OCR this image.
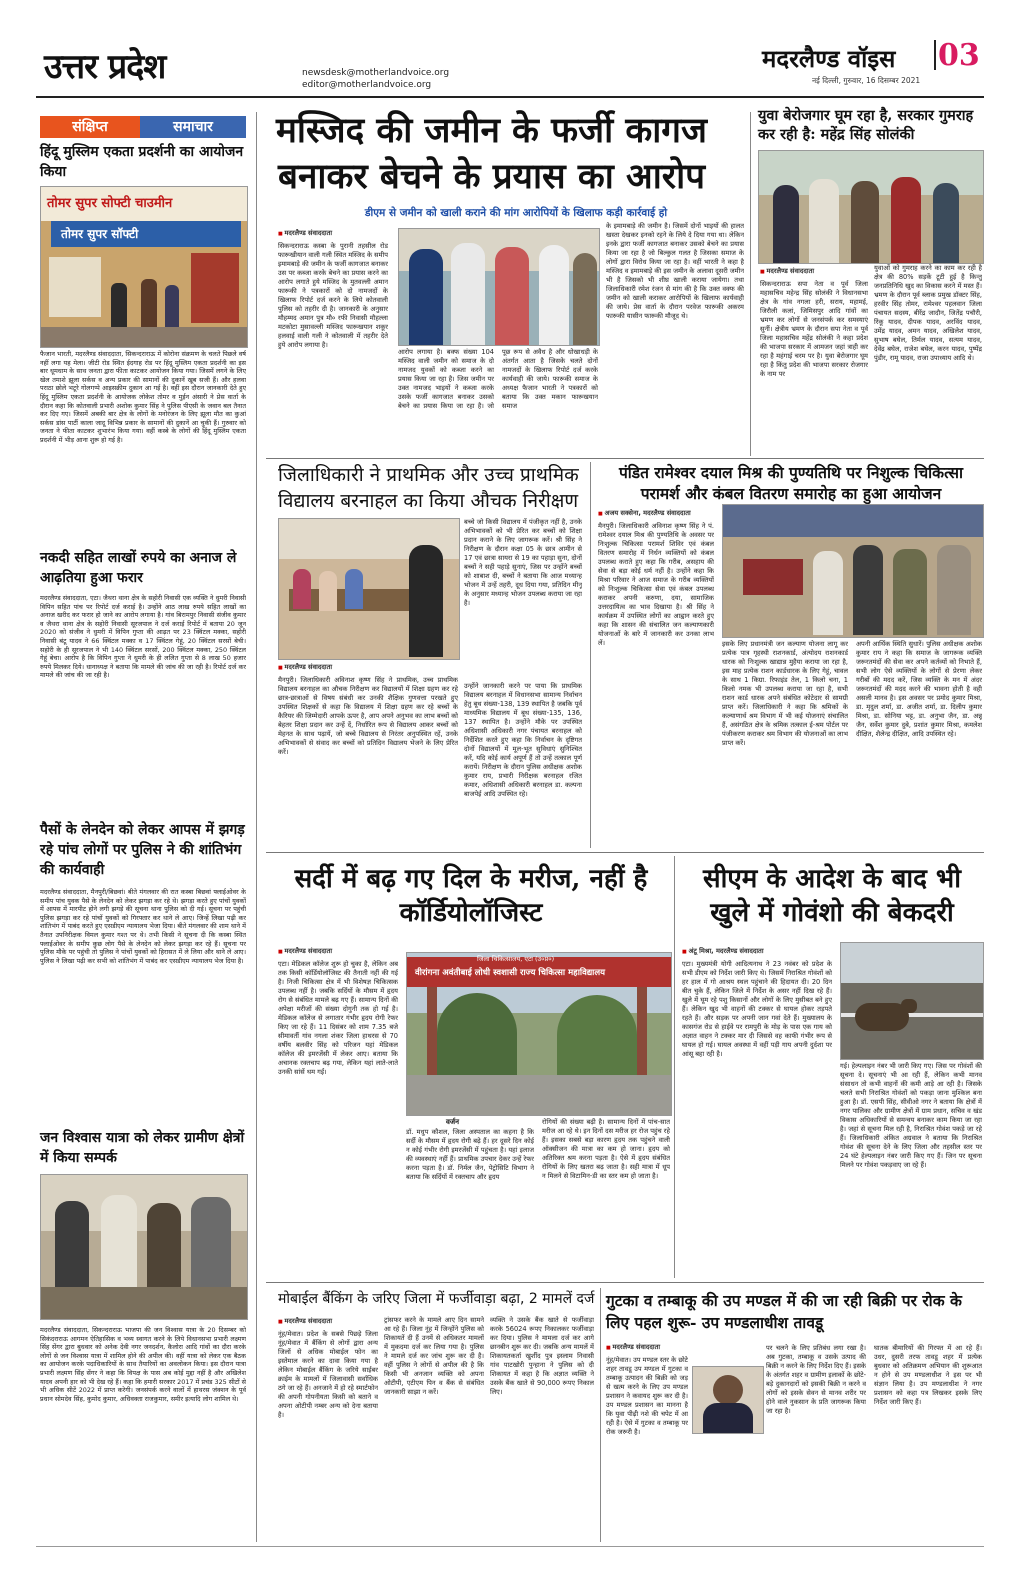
उत्तर प्रदेश	newsdesk@motherlandvoice.org
editor@motherlandvoice.org
मदरलैण्ड वॉइस 03
नई दिल्ली, गुरुवार, 16 दिसम्बर 2021
संक्षिप्त	समाचार
हिंदू मुस्लिम एकता प्रदर्शनी का आयोजन किया
तोमर सुपर सोफ्टी चाउमीन
तोमर सुपर सॉफ्टी
फैजान भारती, मदरलैण्ड संवाददाता, सिकन्दराराऊ में कोरोना संक्रमण के चलते पिछले वर्ष नहीं लगा यह मेला। जीटी रोड स्थित ईदगाह रोड पर हिंदू मुस्लिम एकता प्रदर्शनी का इस बार धूमधाम के साथ जनता द्वारा फीता काटकर आयोजन किया गया। जिसमें लगने के लिए खेल तमाशे झूला सर्कस व अन्य प्रकार की सामानों की दुकानें खूब सजी हैं। और हलवा पराठा छोले भटूरे गोलगप्पे आइसक्रीम दुकान आ गई है। वहीं इस दौरान जानकारी देते हुए हिंदू मुस्लिम एकता प्रदर्शनी के आयोजक लोकेश तोमर व मुईन अंसारी ने प्रेस वार्ता के दौरान कहा कि कोतवाली प्रभारी अशोक कुमार सिंह ने पुलिस पीएसी के जवान बल तैनात कर दिए गए। जिसमें अबकी बार क्षेत्र के लोगों के मनोरंजन के लिए झूला मौत का कुआं सर्कस डांस पार्टी काला जादू विभिन्न प्रकार के सामानों की दुकानें आ चुकी हैं। गुरुवार को जनता ने फीता काटकर शुभारंभ किया गया। वहीं कस्बे के लोगों की हिंदू मुस्लिम एकता प्रदर्शनी में भीड़ आना शुरू हो गई है।
नकदी सहित लाखों रुपये का अनाज ले आढ़तिया हुआ फरार
मदरलैण्ड संवाददाता, एटा। जैथरा थाना क्षेत्र के सहोरी निवासी एक व्यक्ति ने धुमरी निवासी विपिन सहित पांच पर रिपोर्ट दर्ज कराई है। उन्होंने आठ लाख रुपये सहित लाखों का अनाज खरीद कर फरार हो जाने का आरोप लगाया है। गांव बिरामपुर निवासी संजीव कुमार व जैथरा थाना क्षेत्र के सहोरी निवासी सूरजपाल ने दर्ज कराई रिपोर्ट में बताया 20 जून 2020 को संजीव ने धुमरी में विपिन गुप्ता की आढ़त पर 23 क्विंटल मक्का, सहोरी निवासी बंटू यादव ने 66 क्विंटल मक्का व 17 क्विंटल गेहूं, 20 क्विंटल सरसों बेची। सहोरी के ही सूरजपाल ने भी 140 क्विंटल सरसों, 200 क्विंटल मक्का, 250 क्विंटल गेहूं बेचा। आरोप है कि विपिन गुप्ता ने धुमरी के ही ललित गुप्ता से 8 लाख 50 हजार रुपये मिलकर दिये। धानाध्यक्ष ने बताया कि मामले की जांच की जा रही है। रिपोर्ट दर्ज कर मामले की जांच की जा रही है।
पैसों के लेनदेन को लेकर आपस में झगड़ रहे पांच लोगों पर पुलिस ने की शांतिभंग की कार्यवाही
मदरलैण्ड संवाददाता, मैनपुरी/बिछवां। बीते मंगलवार की रात कस्बा बिछवां फ्लाईओवर के समीप पांच युवक पैसे के लेनदेन को लेकर झगड़ा कर रहे थे। झगड़ा करते हुए पांचों युवकों में आपस में मारपीट होने लगी झगड़े की सूचना थाना पुलिस को दी गई। सूचना पर पहुंची पुलिस झगड़ा कर रहे पांचों युवकों को गिरफ्तार कर थाने ले आए। जिन्हें लिखा पढ़ी कर शांतिभंग में पाबंद करते हुए एसडीएम न्यायालय भेजा दिया। बीते मंगलवार की शाम थाने में तैनात उपनिरीक्षक विमल कुमार गश्त पर थे। तभी किसी ने सूचना दी कि कस्बा स्थित फ्लाईओवर के समीप कुछ लोग पैसे के लेनदेन को लेकर झगड़ा कर रहे हैं। सूचना पर पुलिस मौके पर पहुंची तो पुलिस ने पांचों युवकों को हिरासत में ले लिया और थाने ले आए। पुलिस ने लिखा पढ़ी कर सभी को शांतिभंग में पाबंद कर एसडीएम न्यायालय भेज दिया है।
जन विश्वास यात्रा को लेकर ग्रामीण क्षेत्रों में किया सम्पर्क
मदरलैण्ड संवाददाता, सिकन्दराराऊ भाजपा की जन विश्वास यात्रा के 20 दिसम्बर को सिकंदराराऊ आगमन ऐतिहासिक व भव्य स्वागत करने के लिये विधानसभा प्रभारी लक्ष्मण सिंह सेंगर द्वारा बुधवार को अनेक देवी नगर जनदर्शन, कैलोरा आदि गांवों का दौरा करके लोगों से जन विश्वास यात्रा में शामिल होने की अपील की। वहीं यात्रा को लेकर एक बैठक का आयोजन करके पदाधिकारियों के साथ तैयारियों का अवलोकन किया। इस दौरान यात्रा प्रभारी लक्ष्मण सिंह सेंगर ने कहा कि विपक्ष के पास अब कोई मुद्दा नहीं है और अखिलेश यादव अपनी हार को भी देख रहे हैं। कहा कि हमारी सरकार 2017 में प्रचंड 325 सीटों से भी अधिक सीटें 2022 में प्राप्त करेगी। जनसंपर्क करने वालों में हाथरस जंक्शन के पूर्व प्रधान सोमदेव सिंह, कुमोद कुमार, अधिवक्ता राजकुमार, समीर इत्यादि लोग शामिल थे।
मस्जिद की जमीन के फर्जी कागज
बनाकर बेचने के प्रयास का आरोप
डीएम से जमीन को खाली कराने की मांग आरोपियों के खिलाफ कड़ी कार्रवाई हो
■ मदरलैण्ड संवाददाता
सिकन्दराराऊ कस्बा के पुरानी तहसील रोड फारूखीयान वाली गली स्थित मस्जिद के समीप इमामबाड़े की जमीन के फर्जी कागजात बनाकर उस पर कब्जा करके बेचने का प्रयास करने का आरोप लगाते हुये मस्जिद के मुतवल्ली अमान फारूकी ने पत्रकारों को दो नामजदों के खिलाफ रिपोर्ट दर्ज करने के लिये कोतवाली पुलिस को तहरीर दी है। जानकारी के अनुसार मौहम्मद अमान पुत्र मौ० रफी निवासी मौहल्ला मटकोटा मुसावल्ली मस्जिद फारूखयान शकूर हलवाई वाली गली ने कोतवाली में तहरीर देते हुये आरोप लगाया है।
आरोप लगाया है। बक्फ संख्या 104 मस्जिद वाली जमीन को समाज के दो नामजद युवकों को कब्जा करने का प्रयास किया जा रहा है। जिस जमीन पर उक्त नामजद भाइयों ने कब्जा करके उसके फर्जी कागजात बनाकर उसको बेचने का प्रयास किया जा रहा है। जो पूछ रूप से अवैध है और धोखाधड़ी के अंतर्गत आता है जिसके चलते दोनों नामजदों के खिलाफ रिपोर्ट दर्ज करके कार्यवाही की जाये। फारूकी समाज के अध्यक्ष फैजान भारती ने पत्रकारों को बताया कि उक्त मकान फारूखयान समाज
के इमामबाड़े की जमीन है। जिसमें दोनों भाइयों की हालत खस्ता देखकर इनको रहने के लिये दे दिया गया था। लेकिन इनके द्वारा फर्जी कागजात बनाकर उसको बेचने का प्रयास किया जा रहा है जो बिल्कुल गलत है जिसका समाज के लोगों द्वारा विरोध किया जा रहा है। वहीं भारती ने कहा है मस्जिद व इमामबाड़े की इस जमीन के अलावा दूसरी जमीन भी है जिसको भी शीघ्र खाली कराया जायेगा। तथा जिलाधिकारी रमेश रंजन से मांग की है कि उक्त वक्फ की जमीन को खाली कराकर आरोपियों के खिलाफ कार्यवाही की जाये। प्रेस वार्ता के दौरान परवेज फारूकी अकरम फारूकी यासीन फारूकी मौजूद थे।
युवा बेरोजगार घूम रहा है, सरकार गुमराह कर रही है: महेंद्र सिंह सोलंकी
■ मदरलैण्ड संवाददाता
सिकन्दराराऊ सपा नेता व पूर्व जिला महासचिव महेन्द्र सिंह सोलंकी ने विधानसभा क्षेत्र के गांव नगला हरी, सराय, महामई, जिरौली कलां, जिमिसपुर आदि गांवों का भ्रमण कर लोगों से जनसंपर्क कर समस्याएं सुनीं। क्षेत्रीय भ्रमण के दौरान सपा नेता व पूर्व जिला महासचिव महेंद्र सोलंकी ने कहा प्रदेश की भाजपा सरकार में आमजन जहां त्राही कर रहा है महंगाई चरम पर है। युवा बेरोजगार घूम रहा है किंतु प्रदेश की भाजपा सरकार रोजगार के नाम पर
युवाओं को गुमराह करने का काम कर रही है क्षेत्र की 80% सड़कें टूटी हुई है किन्तु जनप्रतिनिधि खुद का विकास करने में मस्त हैं। भ्रमण के दौरान पूर्व ब्लाक प्रमुख डॉक्टर सिंह, हरवीर सिंह तोमर, रामेश्वर पहलवान जिला पंचायत सदस्य, बीरेंद्र जादौन, जितेंद्र पचौरी, रिंकू यादव, दीपक यादव, अरविंद यादव, उमेंद्र यादव, अमन यादव, अखिलेश यादव, सुभाष बघेल, तिर्मल यादव, सत्यम यादव, देवेंद्र बघेल, राजेश बघेल, करन यादव, पुष्पेंद्र पुंडीर, रामू यादव, राजा उपाध्याय आदि थे।
जिलाधिकारी ने प्राथमिक और उच्च प्राथमिक विद्यालय बरनाहल का किया औचक निरीक्षण
■ मदरलैण्ड संवाददाता
बच्चे जो किसी विद्यालय में पंजीकृत नहीं है, उनके अभिभावकों को भी प्रेरित कर बच्चों को शिक्षा प्रदान कराने के लिए जागरूक करें। श्री सिंह ने निरीक्षण के दौरान कक्षा 05 के छात्र आमीन से 17 एवं छात्रा सायरा से 19 का पहाड़ा सुना, दोनों बच्चों ने सही पहाड़े सुनाएं, जिस पर उन्होंने बच्चों को शाबाश दी, बच्चों ने बताया कि आज मध्यान्ह भोजन में उन्हें तहरी, दूध दिया गया, प्रतिदिन मीनू के अनुसार मध्यान्ह भोजन उपलब्ध कराया जा रहा है।
मैनपुरी। जिलाधिकारी अविनाश कृष्ण सिंह ने प्राथमिक, उच्च प्राथमिक विद्यालय बरनाहल का औचक निरीक्षण कर विद्यालयों में शिक्षा ग्रहण कर रहे छात्र-छात्राओं से विषय संबंधी कर उनकी शैक्षिक गुणवत्ता परखते हुए उपस्थित शिक्षकों से कहा कि विद्यालय में शिक्षा ग्रहण कर रहे बच्चों के कैरियर की जिम्मेदारी आपके ऊपर है, आप अपने अनुभव का लाभ बच्चों को बेहतर शिक्षा प्रदान कर उन्हें दें, निर्धारित रूप से विद्यालय आकर बच्चों को मेहनत के साथ पढ़ायें, जो बच्चे विद्यालय से निरंतर अनुपस्थित रहें, उनके अभिभावकों से संवाद कर बच्चों को प्रतिदिन विद्यालय भेजने के लिए प्रेरित करें।
उन्होंने जानकारी करने पर पाया कि प्राथमिक विद्यालय बरनाहल में विधानसभा सामान्य निर्वाचन हेतु बूथ संख्या-138, 139 स्थापित है जबकि पूर्व माध्यमिक विद्यालय में बूथ संख्या-135, 136, 137 स्थापित है। उन्होंने मौके पर उपस्थित अधिशासी अधिकारी नगर पंचायत बरनाहल को निर्देशित करते हुए कहा कि निर्वाचन के दृष्टिगत दोनों विद्यालयों में मूल-भूत सुविधाएं सुनिश्चित करें, यदि कोई कार्य अपूर्ण हैं तो उन्हें तत्काल पूर्ण करायें। निरीक्षण के दौरान पुलिस अधीक्षक अशोक कुमार राय, प्रभारी निरीक्षक बरनाहल रजित कमार, अधिशासी अधिकारी बरनाहल डा. कल्पना बाजपेई आदि उपस्थित रहे।
पंडित रामेश्वर दयाल मिश्र की पुण्यतिथि पर निशुल्क चिकित्सा परामर्श और कंबल वितरण समारोह का हुआ आयोजन
■ अजय सक्सेना, मदरलैण्ड संवाददाता
मैनपुरी। जिलाधिकारी अविनाश कृष्ण सिंह ने पं. रामेश्वर दयाल मिश्र की पुण्यतिथि के अवसर पर निःशुल्क चिकित्सा परामर्श शिविर एवं कंबल वितरण समारोह में निर्धन व्यक्तियों को कंबल उपलब्ध कराते हुए कहा कि गरीब, असहाय की सेवा से बड़ा कोई धर्म नहीं है। उन्होंने कहा कि मिश्रा परिवार ने आज समाज के गरीब व्यक्तियों को निःशुल्क चिकित्सा सेवा एवं कंबल उपलब्ध कराकर अपनी करुणा, दया, सामाजिक उत्तरदायित्व का भाव दिखाया है। श्री सिंह ने कार्यक्रम में उपस्थित लोगों का आह्वान करते हुए कहा कि शासन की संचालित जन कल्याणकारी योजनाओं के बारे में जानकारी कर उनका लाभ लें।	इसके लिए प्रधानमंत्री जन कल्याण योजना लागू कर प्रत्येक पात्र गृहस्थी राशनकार्ड, अंत्योदय राशनकार्ड धारक को निःशुल्क खाद्यान्न मुहैया कराया जा रहा है, इस माह प्रत्येक राशन कार्डधारक के लिए गेहूं, चावल के साथ 1 किग्रा. रिफाइंड तेल, 1 किलो चना, 1 किलो नमक भी उपलब्ध कराया जा रहा है, सभी राशन कार्ड धारक अपने संबंधित कोटेदार से सामग्री प्राप्त करें। जिलाधिकारी ने कहा कि श्रमिकों के कल्याणार्थ श्रम विभाग में भी कई योजनाएं संचालित हैं, असंगठित क्षेत्र के श्रमिक तत्काल ई-श्रम पोर्टल पर पंजीकरण कराकर श्रम विभाग की योजनाओं का लाभ प्राप्त करें।
अपनी आर्थिक स्थिति सुधारें। पुलिस अधीक्षक अशोक कुमार राय ने कहा कि समाज के जागरूक व्यक्ति जरूरतमंदों की सेवा कर अपने कर्तव्यों को निभाते हैं, सभी लोग ऐसे व्यक्तियों के लोगों से प्रेरणा लेकर गरीबों की मदद करें, जिस व्यक्ति के मन में अंदर जरूरतमंदों की मदद करने की भावना होती है वही असली मानव है। इस अवसर पर प्रमोद कुमार मिश्रा, डा. मृदुल शर्मा, डा. अजीत शर्मा, डा. दिलीप कुमार मिश्रा, डा. सोनिया भट्ट, डा. अनुभा जैन, डा. अन्नू जैन, सर्वेश कुमार दुबे, प्रशांत कुमार मिश्रा, कमलेश दीक्षित, शैलेन्द्र दीक्षित, आदि उपस्थित रहे।
सर्दी में बढ़ गए दिल के मरीज, नहीं है कॉर्डियोलॉजिस्ट
■ मदरलैण्ड संवाददाता
एटा। मेडिकल कॉलेज शुरू हो चुका है, लेकिन अब तक किसी कॉर्डियोलॉजिस्ट की तैनाती नहीं की गई है। निजी चिकित्सा क्षेत्र में भी विशेषज्ञ चिकित्सक उपलब्ध नहीं है। जबकि सर्दियों के मौसम में हृदय रोग से संबंधित मामले बढ़ गए हैं। सामान्य दिनों की अपेक्षा मरीजों की संख्या दोगुनी तक हो गई है। मेडिकल कॉलेज से लगातार गंभीर हृदय रोगी रेफर किए जा रहे हैं। 11 दिसंबर को शाम 7.35 बजे सीमावर्ती गांव नगला शंकर जिला हाथरस से 70 वर्षीय बलवीर सिंह को परिजन यहां मेडिकल कॉलेज की इमरजेंसी में लेकर आए। बताया कि अचानक रक्तचाप बढ़ गया, लेकिन यहां लाते-लाते उनकी सांसें थम गईं।
जिला चिकित्सालय, एटा (उ०प्र०)
वीरांगना अवंतीबाई लोधी स्वशासी राज्य चिकित्सा महाविद्यालय
वर्जन
डॉ. मधुप कौशल, जिला अस्पताल का कहना है कि सर्दी के मौसम में हृदय रोगी बढ़े हैं। हर दूसरे दिन कोई न कोई गंभीर रोगी इमरजेंसी में पहुंचता है। यहां इलाज की व्यवस्थाएं नहीं हैं। प्राथमिक उपचार देकर उन्हें रेफर करना पड़ता है। डॉ. निर्मल जैन, पेट्रोसिटि विभाग ने बताया कि सर्दियों में रक्तचाप और हृदय
रोगियों की संख्या बढ़ी है। सामान्य दिनों में पांच-सात मरीज आ रहे थे। इन दिनों दस मरीज हर रोज पहुंच रहे हैं। इसका सबसे बड़ा कारण हृदय तक पहुंचने वाली ऑक्सीजन की मात्रा का कम हो जाना। हृदय को अतिरिक्त श्रम करना पड़ता है। ऐसे में हृदय संबंधित रोगियों के लिए खतरा बढ़ जाता है। सही मात्रा में धूप न मिलने से विटामिन-डी का स्तर कम हो जाता है।
सीएम के आदेश के बाद भी खुले में गोवंशो की बेकदरी
■ अंटू मिश्रा, मदरलैण्ड संवाददाता
एटा। मुख्यमंत्री योगी आदित्यनाथ ने 23 नवंबर को प्रदेश के सभी डीएम को निर्देश जारी किए थे। जिसमें निराश्रित गोवंशों को हर हाल में गो आश्रय स्थल पहुंचाने की हिदायत दी। 20 दिन बीत चुके हैं, लेकिन जिले में निर्देश के असर नहीं दिख रहे हैं। खुले में घूम रहे पशु किसानों और लोगों के लिए मुसीबत बने हुए हैं। लेकिन खुद भी वाहनों की टक्कर से घायल होकर तड़पते रहते हैं। और सड़क पर अपनी जान गवां देते हैं। मुख्यालय के कासगंज रोड से हाईवे पर रामपुरी के मोड़ के पास एक गाय को अज्ञात वाहन ने टक्कर मार दी जिससे वह काफी गंभीर रूप से घायल हो गई। घायल अवस्था में वहीं पड़ी गाय अपनी दुर्दशा पर आंसू बहा रही है।
गई। हेल्पलाइन नंबर भी जारी किए गए। जिस पर गोवंशों की सूचना दे। सूचनाएं भी आ रही हैं, लेकिन कभी मानव संसाधन तो कभी वाहनों की कमी आड़े आ रही है। जिसके चलते सभी निराश्रित गोवंशों को पकड़ा जाना मुश्किल बना हुआ है। डॉ. एसपी सिंह, सीवीओ नगर ने बताया कि क्षेत्रों में नगर पालिका और ग्रामीण क्षेत्रों में ग्राम प्रधान, सचिव व खंड विकास अधिकारियों से समन्वय बनाकर काम किया जा रहा है। जहां से सूचना मिल रही है, निराश्रित गोवंश पकड़े जा रहे हैं। जिलाधिकारी अंकित अग्रवाल ने बताया कि निराश्रित गोवंश की सूचना देने के लिए जिला और तहसील स्तर पर 24 घंटे हेल्पलाइन नंबर जारी किए गए हैं। जिन पर सूचना मिलने पर गोवंश पकड़वाए जा रहे हैं।
मोबाईल बैंकिंग के जरिए जिला में फर्जीवाड़ा बढ़ा, 2 मामलें दर्ज
■ मदरलैण्ड संवाददाता
नूंह/मेवात। प्रदेश के सबसे पिछड़े जिला नूंह/मेवात में बैंकिंग से लोगों द्वारा अन्य जिलों से अधिक मोबाईल फोन का इस्तेमाल करने का दावा किया गया है लेकिन मोबाईल बैंकिंग के जरिये साईबर क्राईम के मामलों में जिलावासी सर्वाधिक ठगे जा रहे हैं। अनजाने में हो रहे स्मार्टफोन की अपनी गोपनीयता किसी को बताने व अपना ओटीपी नम्बर अन्य को देना बताया है।
ट्रांसफर करने के मामले आए दिन सामने आ रहे हैं। जिला नूंह में जिन्होंने पुलिस को शिकायतें दी हैं उनमें से अधिकतर मामलों में मुकदमा दर्ज कर लिया गया है। पुलिस ने मामले दर्ज कर जांच शुरू कर दी है। वहीं पुलिस ने लोगों से अपील की है कि किसी भी अनजान व्यक्ति को अपना ओटीपी, एटीएम पिन व बैंक से संबंधित जानकारी साझा न करें।
व्यक्ति ने उसके बैंक खाते से फर्जीवाड़ा करके 56024 रूपए निकालकर फर्जीवाड़ा कर दिया। पुलिस ने मामला दर्ज कर आगे छानबीन शुरू कर दी। जबकि अन्य मामलें में शिकायतकर्ता खुर्शीद पुत्र इस्लाम निवासी गांव पाटखोरी पुन्हाना ने पुलिस को दी शिकायत में कहा है कि अज्ञात व्यक्ति ने उसके बैंक खाते से 90,000 रूपए निकाल लिए।
गुटका व तम्बाकू की उप मण्डल में की जा रही बिक्री पर रोक के लिए पहल शुरू- उप मण्डलाधीश तावडू
■ मदरलैण्ड संवाददाता
नूंह/मेवात। उप मण्डल स्तर के छोटे शहर तावडू उप मण्डल में गुटका व तम्बाकू उत्पादन की बिक्री को जड़ से खत्म करने के लिए उप मण्डल प्रशासन ने कवायद शुरू कर दी है। उप मण्डल प्रशासन का मानना है कि युवा पीढ़ी नशे की चपेट में आ रही है। ऐसे में गुटका व तम्बाकू पर रोक जरूरी है।
पर चलने के लिए प्रतिबंध लगा रखा है। अब गुटका, तम्बाकू व उसके उत्पाद की बिक्री न करने के लिए निर्देश दिए हैं। इसके के अंतर्गत शहर व ग्रामीण इलाकों के छोटे-बड़े दुकानदारों को इसकी बिक्री न करने व लोगों को इसके सेवन से मानव शरीर पर होने वाले नुकसान के प्रति जागरूक किया जा रहा है।
घातक बीमारियों की गिरफ्त में आ रहे हैं। उधर, दुसरी तरफ तावडू शहर में प्रत्येक बुधवार को अतिक्रमण अभियान की शुरूआत न होने से उप मण्डलाधीश ने इस पर भी संज्ञान लिया है। उप मण्डलाधीश ने नगर प्रशासन को कहा पत्र लिखकर इसके लिए निर्देश जारी किए हैं।
